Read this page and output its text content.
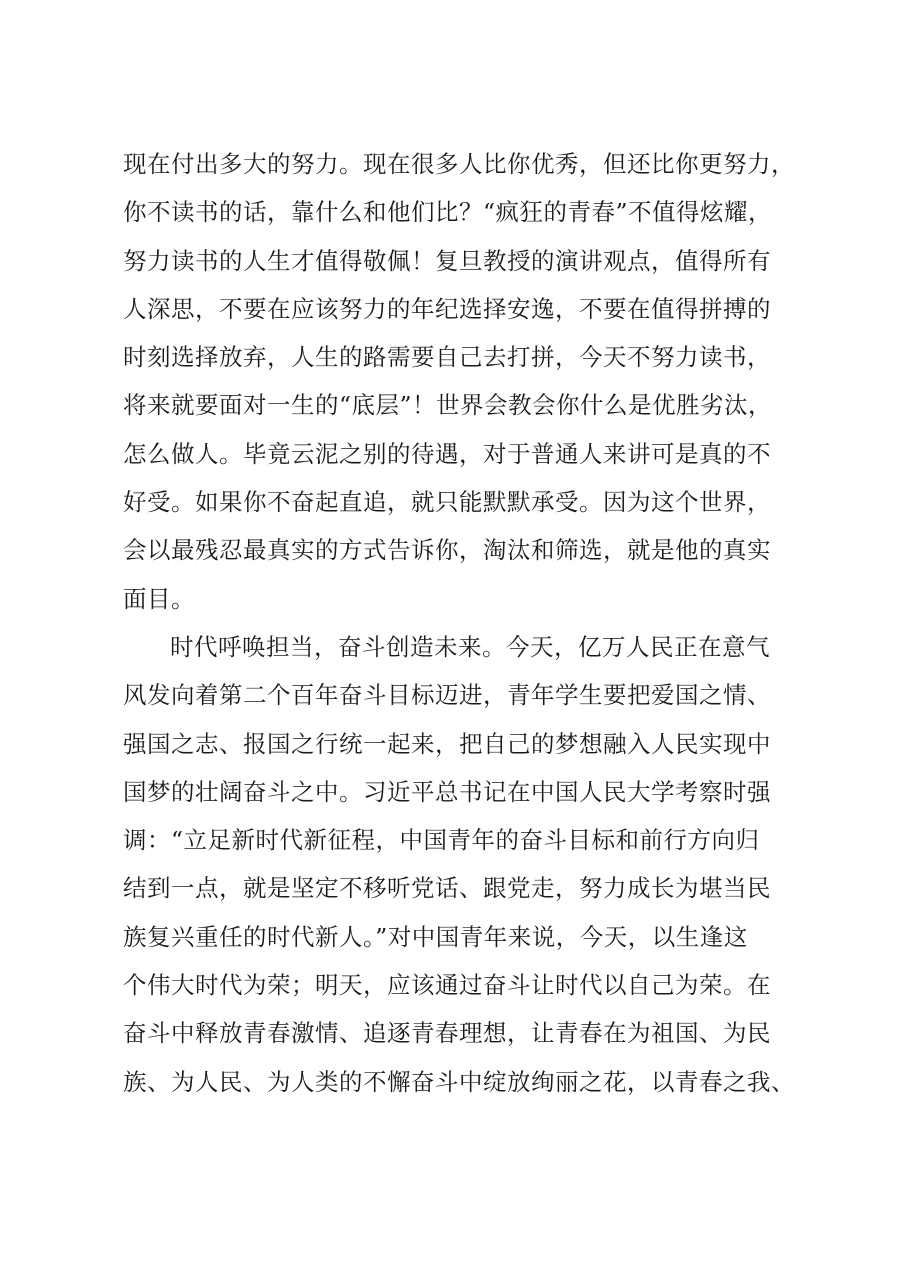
现在付出多大的努力。现在很多人比你优秀，但还比你更努力，
你不读书的话，靠什么和他们比？“疯狂的青春”不值得炫耀，
努力读书的人生才值得敬佩！复旦教授的演讲观点，值得所有
人深思，不要在应该努力的年纪选择安逸，不要在值得拼搏的
时刻选择放弃，人生的路需要自己去打拼，今天不努力读书，
将来就要面对一生的“底层”！世界会教会你什么是优胜劣汰，
怎么做人。毕竟云泥之别的待遇，对于普通人来讲可是真的不
好受。如果你不奋起直追，就只能默默承受。因为这个世界，
会以最残忍最真实的方式告诉你，淘汰和筛选，就是他的真实
面目。
时代呼唤担当，奋斗创造未来。今天，亿万人民正在意气
风发向着第二个百年奋斗目标迈进，青年学生要把爱国之情、
强国之志、报国之行统一起来，把自己的梦想融入人民实现中
国梦的壮阔奋斗之中。习近平总书记在中国人民大学考察时强
调：“立足新时代新征程，中国青年的奋斗目标和前行方向归
结到一点，就是坚定不移听党话、跟党走，努力成长为堪当民
族复兴重任的时代新人。”对中国青年来说，今天，以生逢这
个伟大时代为荣；明天，应该通过奋斗让时代以自己为荣。在
奋斗中释放青春激情、追逐青春理想，让青春在为祖国、为民
族、为人民、为人类的不懈奋斗中绽放绚丽之花，以青春之我、
